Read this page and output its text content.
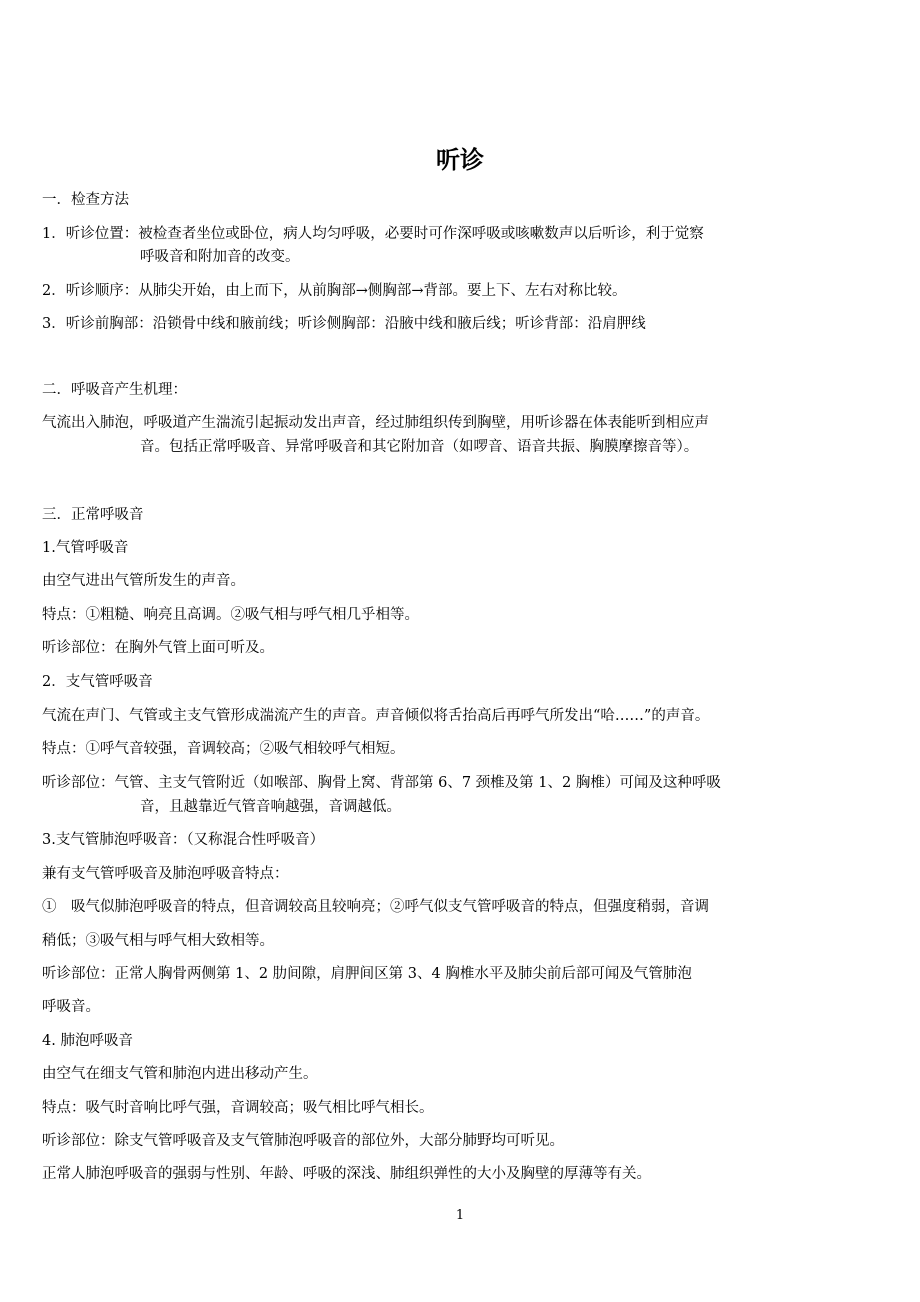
听诊
一．检查方法
1．听诊位置：被检查者坐位或卧位，病人均匀呼吸，必要时可作深呼吸或咳嗽数声以后听诊，利于觉察
呼吸音和附加音的改变。
2．听诊顺序：从肺尖开始，由上而下，从前胸部→侧胸部→背部。要上下、左右对称比较。
3．听诊前胸部：沿锁骨中线和腋前线；听诊侧胸部：沿腋中线和腋后线；听诊背部：沿肩胛线
二．呼吸音产生机理：
气流出入肺泡，呼吸道产生湍流引起振动发出声音，经过肺组织传到胸壁，用听诊器在体表能听到相应声
音。包括正常呼吸音、异常呼吸音和其它附加音（如啰音、语音共振、胸膜摩擦音等）。
三．正常呼吸音
1.气管呼吸音
由空气进出气管所发生的声音。
特点：①粗糙、响亮且高调。②吸气相与呼气相几乎相等。
听诊部位：在胸外气管上面可听及。
2．支气管呼吸音
气流在声门、气管或主支气管形成湍流产生的声音。声音倾似将舌抬高后再呼气所发出“哈……”的声音。
特点：①呼气音较强，音调较高；②吸气相较呼气相短。
听诊部位：气管、主支气管附近（如喉部、胸骨上窝、背部第 6、7 颈椎及第 1、2 胸椎）可闻及这种呼吸
音，且越靠近气管音响越强，音调越低。
3.支气管肺泡呼吸音：（又称混合性呼吸音）
兼有支气管呼吸音及肺泡呼吸音特点：
①　吸气似肺泡呼吸音的特点，但音调较高且较响亮；②呼气似支气管呼吸音的特点，但强度稍弱，音调
稍低；③吸气相与呼气相大致相等。
听诊部位：正常人胸骨两侧第 1、2 肋间隙，肩胛间区第 3、4 胸椎水平及肺尖前后部可闻及气管肺泡
呼吸音。
4. 肺泡呼吸音
由空气在细支气管和肺泡内进出移动产生。
特点：吸气时音响比呼气强，音调较高；吸气相比呼气相长。
听诊部位：除支气管呼吸音及支气管肺泡呼吸音的部位外，大部分肺野均可听见。
正常人肺泡呼吸音的强弱与性别、年龄、呼吸的深浅、肺组织弹性的大小及胸壁的厚薄等有关。
1
